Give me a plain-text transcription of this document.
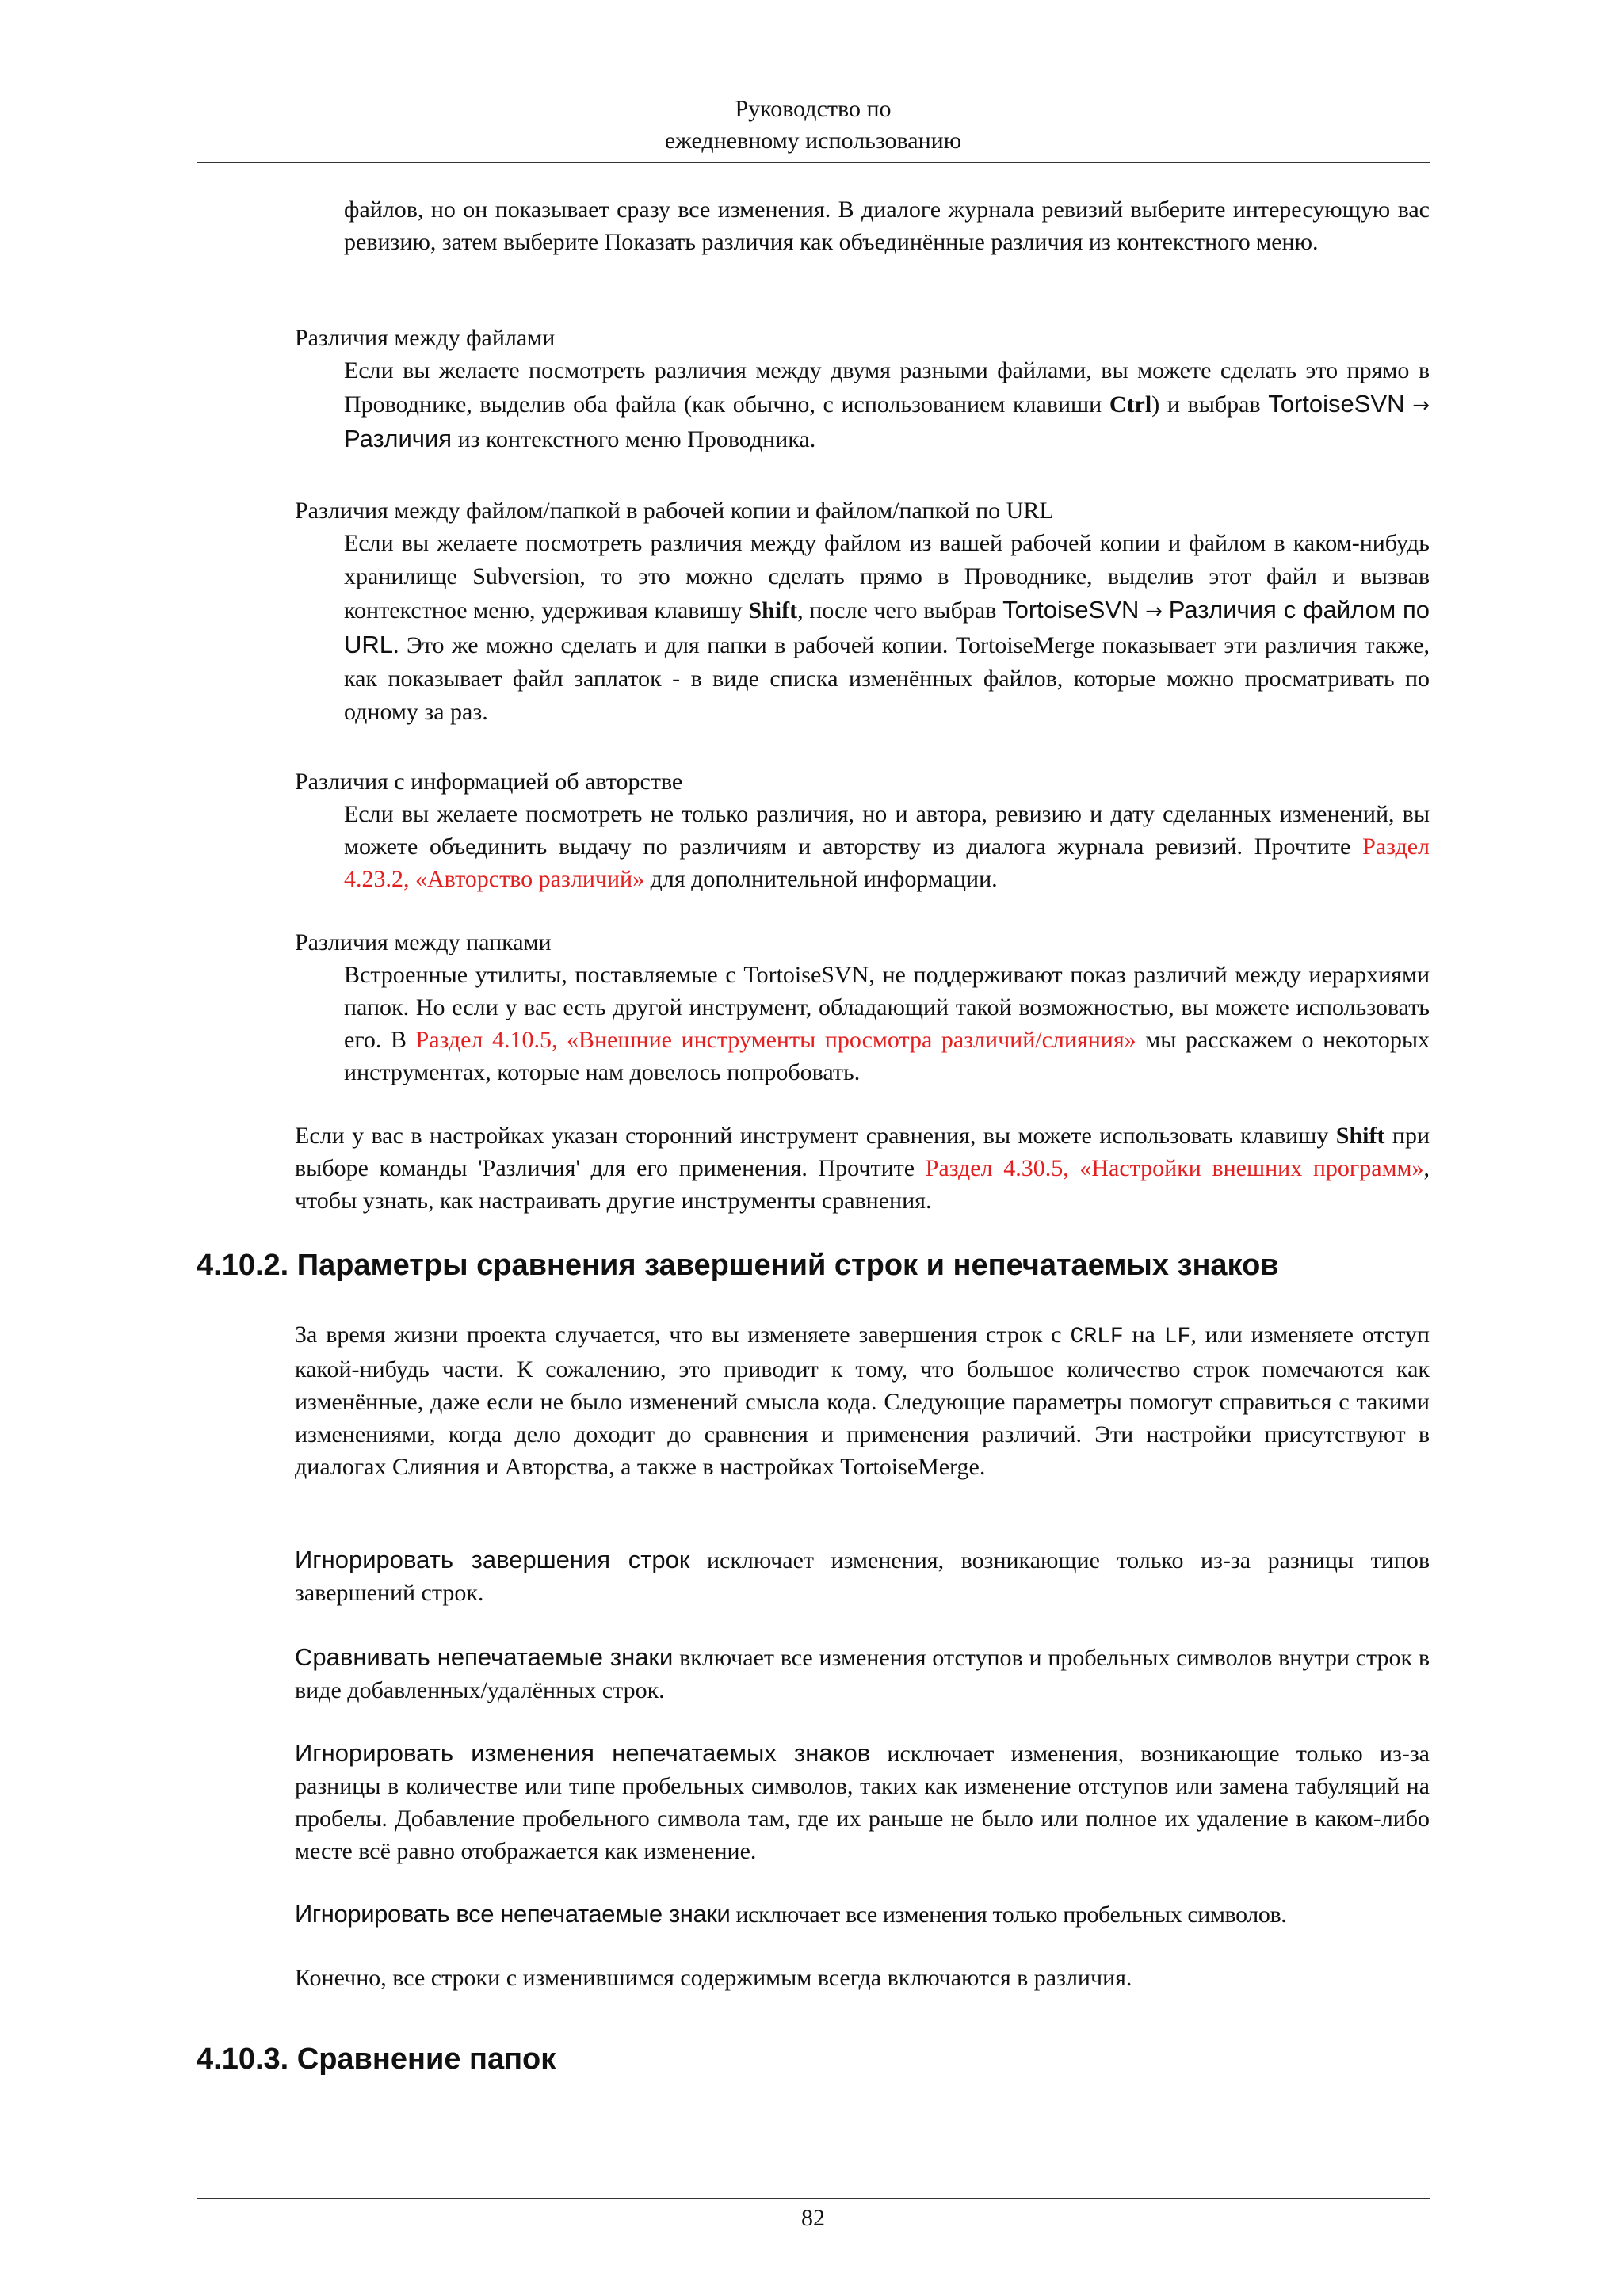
Руководство по
ежедневному использованию

файлов, но он показывает сразу все изменения. В диалоге журнала ревизий выберите интересующую вас ревизию, затем выберите Показать различия как объединённые различия из контекстного меню.

Различия между файлами

Если вы желаете посмотреть различия между двумя разными файлами, вы можете сделать это прямо в Проводнике, выделив оба файла (как обычно, с использованием клавиши Ctrl) и выбрав TortoiseSVN → Различия из контекстного меню Проводника.

Различия между файлом/папкой в рабочей копии и файлом/папкой по URL

Если вы желаете посмотреть различия между файлом из вашей рабочей копии и файлом в каком-нибудь хранилище Subversion, то это можно сделать прямо в Проводнике, выделив этот файл и вызвав контекстное меню, удерживая клавишу Shift, после чего выбрав TortoiseSVN → Различия с файлом по URL. Это же можно сделать и для папки в рабочей копии. TortoiseMerge показывает эти различия также, как показывает файл заплаток - в виде списка изменённых файлов, которые можно просматривать по одному за раз.

Различия с информацией об авторстве

Если вы желаете посмотреть не только различия, но и автора, ревизию и дату сделанных изменений, вы можете объединить выдачу по различиям и авторству из диалога журнала ревизий. Прочтите Раздел 4.23.2, «Авторство различий» для дополнительной информации.

Различия между папками

Встроенные утилиты, поставляемые с TortoiseSVN, не поддерживают показ различий между иерархиями папок. Но если у вас есть другой инструмент, обладающий такой возможностью, вы можете использовать его. В Раздел 4.10.5, «Внешние инструменты просмотра различий/слияния» мы расскажем о некоторых инструментах, которые нам довелось попробовать.

Если у вас в настройках указан сторонний инструмент сравнения, вы можете использовать клавишу Shift при выборе команды 'Различия' для его применения. Прочтите Раздел 4.30.5, «Настройки внешних программ», чтобы узнать, как настраивать другие инструменты сравнения.

4.10.2. Параметры сравнения завершений строк и непечатаемых знаков

За время жизни проекта случается, что вы изменяете завершения строк с CRLF на LF, или изменяете отступ какой-нибудь части. К сожалению, это приводит к тому, что большое количество строк помечаются как изменённые, даже если не было изменений смысла кода. Следующие параметры помогут справиться с такими изменениями, когда дело доходит до сравнения и применения различий. Эти настройки присутствуют в диалогах Слияния и Авторства, а также в настройках TortoiseMerge.

Игнорировать завершения строк исключает изменения, возникающие только из-за разницы типов завершений строк.

Сравнивать непечатаемые знаки включает все изменения отступов и пробельных символов внутри строк в виде добавленных/удалённых строк.

Игнорировать изменения непечатаемых знаков исключает изменения, возникающие только из-за разницы в количестве или типе пробельных символов, таких как изменение отступов или замена табуляций на пробелы. Добавление пробельного символа там, где их раньше не было или полное их удаление в каком-либо месте всё равно отображается как изменение.

Игнорировать все непечатаемые знаки исключает все изменения только пробельных символов.

Конечно, все строки с изменившимся содержимым всегда включаются в различия.

4.10.3. Сравнение папок
82
